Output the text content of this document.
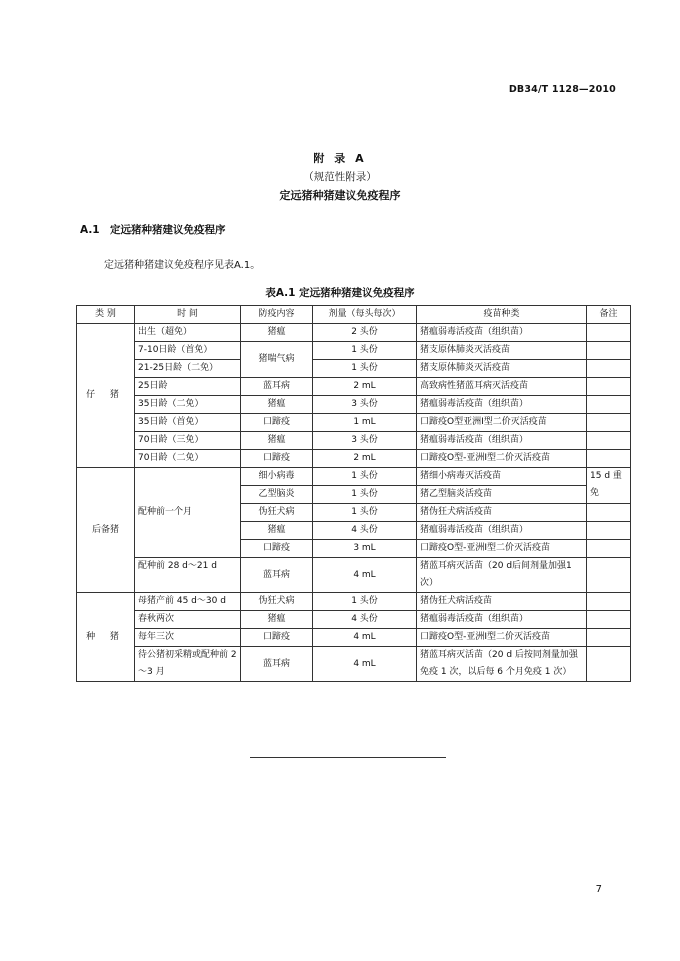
DB34/T 1128—2010
附 录 A
（规范性附录）
定远猪种猪建议免疫程序
A.1 定远猪种猪建议免疫程序
定远猪种猪建议免疫程序见表A.1。
表A.1 定远猪种猪建议免疫程序
类 别	时 间	防疫内容	剂量（每头每次）	疫苗种类	备注
仔 猪	出生（超免）	猪瘟	2 头份	猪瘟弱毒活疫苗（组织苗）	
	7-10日龄（首免）	猪喘气病	1 头份	猪支原体肺炎灭活疫苗	
	21-25日龄（二免）		1 头份	猪支原体肺炎灭活疫苗	
	25日龄	蓝耳病	2 mL	高致病性猪蓝耳病灭活疫苗	
	35日龄（二免）	猪瘟	3 头份	猪瘟弱毒活疫苗（组织苗）	
	35日龄（首免）	口蹄疫	1 mL	口蹄疫O型亚洲Ⅰ型二价灭活疫苗	
	70日龄（三免）	猪瘟	3 头份	猪瘟弱毒活疫苗（组织苗）	
	70日龄（二免）	口蹄疫	2 mL	口蹄疫O型-亚洲Ⅰ型二价灭活疫苗	
后备猪	配种前一个月	细小病毒	1 头份	猪细小病毒灭活疫苗	15 d 重免
		乙型脑炎	1 头份	猪乙型脑炎活疫苗	
		伪狂犬病	1 头份	猪伪狂犬病活疫苗	
		猪瘟	4 头份	猪瘟弱毒活疫苗（组织苗）	
		口蹄疫	3 mL	口蹄疫O型-亚洲Ⅰ型二价灭活疫苗	
	配种前 28 d～21 d	蓝耳病	4 mL	猪蓝耳病灭活苗（20 d后间剂量加强1次）	

种 猪	母猪产前 45 d～30 d	伪狂犬病	1 头份	猪伪狂犬病活疫苗	
	春秋两次	猪瘟	4 头份	猪瘟弱毒活疫苗（组织苗）	
	每年三次	口蹄疫	4 mL	口蹄疫O型-亚洲Ⅰ型二价灭活疫苗	
	待公猪初采精或配种前 2～3 月	蓝耳病	4 mL	猪蓝耳病灭活苗（20 d 后按同剂量加强免疫 1 次，以后每 6 个月免疫 1 次）	

7
